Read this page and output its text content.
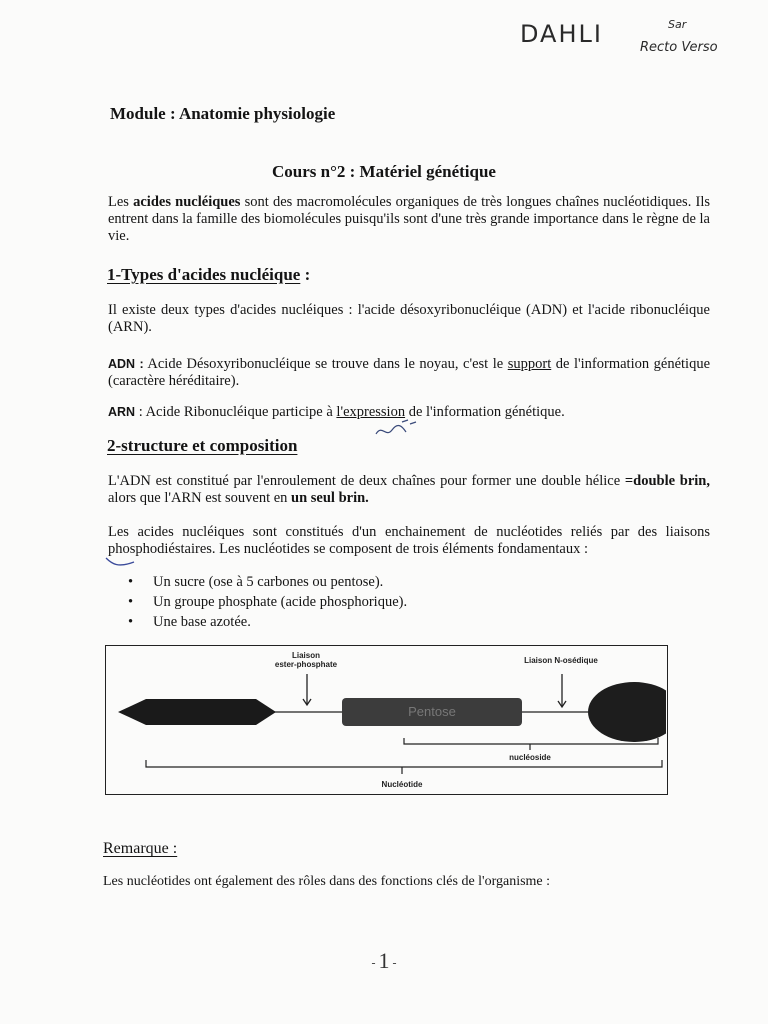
DAHLI	Sar
Recto Verso
Module : Anatomie physiologie
Cours n°2 : Matériel génétique
Les acides nucléiques sont des macromolécules organiques de très longues chaînes nucléotidiques. Ils entrent dans la famille des biomolécules puisqu'ils sont d'une très grande importance dans le règne de la vie.
1-Types d'acides nucléique :
Il existe deux types d'acides nucléiques : l'acide désoxyribonucléique (ADN) et l'acide ribonucléique (ARN).
ADN : Acide Désoxyribonucléique se trouve dans le noyau, c'est le support de l'information génétique (caractère héréditaire).
ARN : Acide Ribonucléique participe à l'expression de l'information génétique.
2-structure et composition
L'ADN est constitué par l'enroulement de deux chaînes pour former une double hélice =double brin, alors que l'ARN est souvent en un seul brin.
Les acides nucléiques sont constitués d'un enchainement de nucléotides reliés par des liaisons phosphodiéstaires. Les nucléotides se composent de trois éléments fondamentaux :
• Un sucre (ose à 5 carbones ou pentose).
• Un groupe phosphate (acide phosphorique).
• Une base azotée.
Liaison
ester-phosphate	Liaison N-osédique
Pentose
nucléoside
Nucléotide
Remarque :
Les nucléotides ont également des rôles dans des fonctions clés de l'organisme :
- 1 -
